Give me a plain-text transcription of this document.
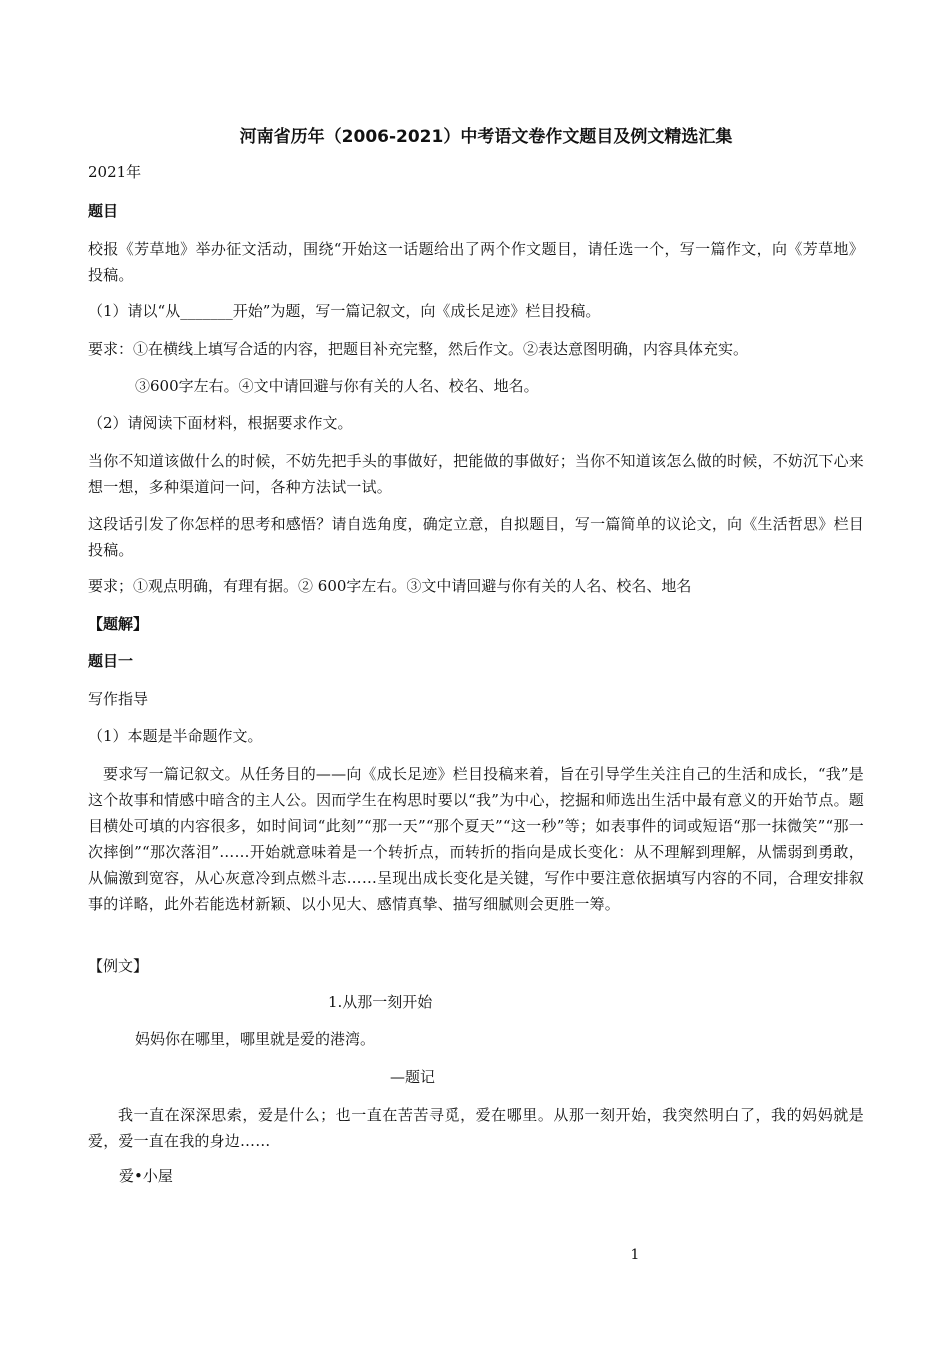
河南省历年（2006-2021）中考语文卷作文题目及例文精选汇集
2021年
题目
校报《芳草地》举办征文活动，围绕“开始这一话题给出了两个作文题目，请任选一个，写一篇作文，向《芳草地》投稿。
（1）请以“从_______开始”为题，写一篇记叙文，向《成长足迹》栏目投稿。
要求：①在横线上填写合适的内容，把题目补充完整，然后作文。②表达意图明确，内容具体充实。
③600字左右。④文中请回避与你有关的人名、校名、地名。
（2）请阅读下面材料，根据要求作文。
当你不知道该做什么的时候，不妨先把手头的事做好，把能做的事做好；当你不知道该怎么做的时候，不妨沉下心来想一想，多种渠道问一问，各种方法试一试。
这段话引发了你怎样的思考和感悟？请自选角度，确定立意，自拟题目，写一篇简单的议论文，向《生活哲思》栏目投稿。
要求；①观点明确，有理有据。② 600字左右。③文中请回避与你有关的人名、校名、地名
【题解】
题目一
写作指导
（1）本题是半命题作文。
要求写一篇记叙文。从任务目的——向《成长足迹》栏目投稿来着，旨在引导学生关注自己的生活和成长，“我”是这个故事和情感中暗含的主人公。因而学生在构思时要以“我”为中心，挖掘和师选出生活中最有意义的开始节点。题目横处可填的内容很多，如时间词“此刻”“那一天”“那个夏天”“这一秒”等；如表事件的词或短语“那一抹微笑”“那一次摔倒”“那次落泪”……开始就意味着是一个转折点，而转折的指向是成长变化：从不理解到理解，从懦弱到勇敢，从偏激到宽容，从心灰意冷到点燃斗志……呈现出成长变化是关键，写作中要注意依据填写内容的不同，合理安排叙事的详略，此外若能选材新颖、以小见大、感情真挚、描写细腻则会更胜一筹。
【例文】
1.从那一刻开始
妈妈你在哪里，哪里就是爱的港湾。
—题记
我一直在深深思索，爱是什么；也一直在苦苦寻觅，爱在哪里。从那一刻开始，我突然明白了，我的妈妈就是爱，爱一直在我的身边……
爱•小屋
1
